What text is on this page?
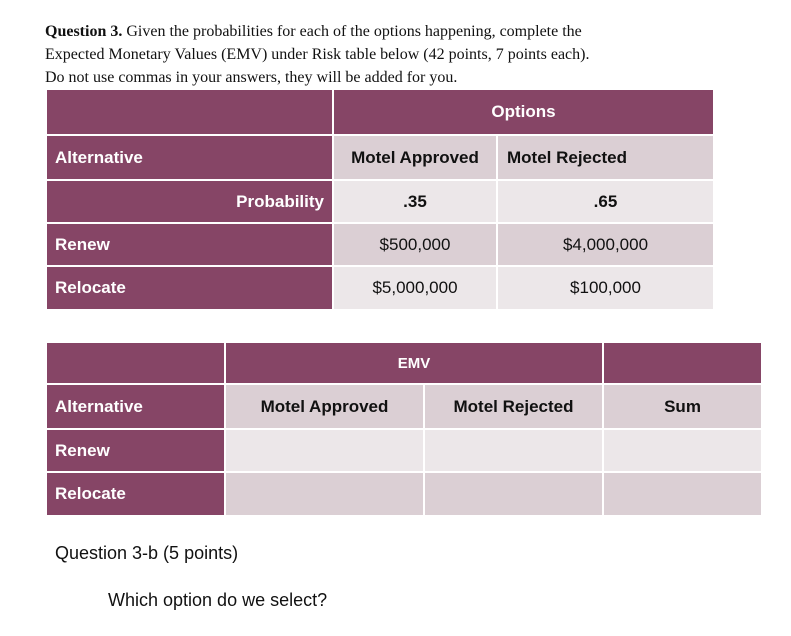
Question 3. Given the probabilities for each of the options happening, complete the
Expected Monetary Values (EMV) under Risk table below (42 points, 7 points each).
Do not use commas in your answers, they will be added for you.
	Options	
Alternative	Motel Approved	Motel Rejected
Probability	.35	.65
Renew	$500,000	$4,000,000
Relocate	$5,000,000	$100,000
	EMV		
Alternative	Motel Approved	Motel Rejected	Sum
Renew			
Relocate			
Question 3-b (5 points)
Which option do we select?
